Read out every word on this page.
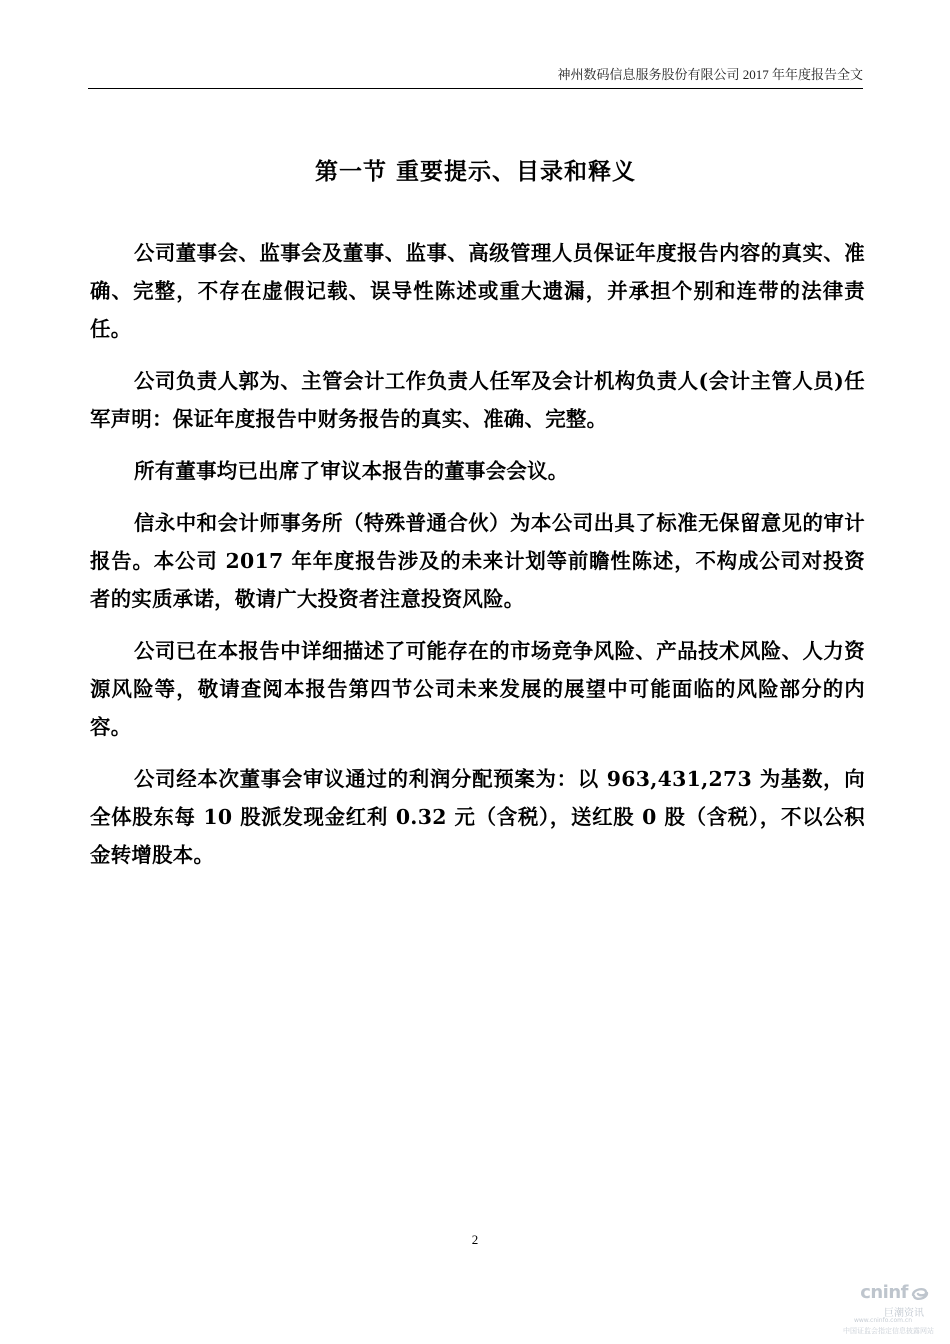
神州数码信息服务股份有限公司 2017 年年度报告全文
第一节 重要提示、目录和释义

公司董事会、监事会及董事、监事、高级管理人员保证年度报告内容的真实、准确、完整，不存在虚假记载、误导性陈述或重大遗漏，并承担个别和连带的法律责任。

公司负责人郭为、主管会计工作负责人任军及会计机构负责人(会计主管人员)任军声明：保证年度报告中财务报告的真实、准确、完整。

所有董事均已出席了审议本报告的董事会会议。

信永中和会计师事务所（特殊普通合伙）为本公司出具了标准无保留意见的审计报告。本公司 2017 年年度报告涉及的未来计划等前瞻性陈述，不构成公司对投资者的实质承诺，敬请广大投资者注意投资风险。

公司已在本报告中详细描述了可能存在的市场竞争风险、产品技术风险、人力资源风险等，敬请查阅本报告第四节公司未来发展的展望中可能面临的风险部分的内容。

公司经本次董事会审议通过的利润分配预案为：以 963,431,273 为基数，向全体股东每 10 股派发现金红利 0.32 元（含税），送红股 0 股（含税），不以公积金转增股本。

2
cninf
巨潮资讯
www.cninfo.com.cn
中国证监会指定信息披露网站
